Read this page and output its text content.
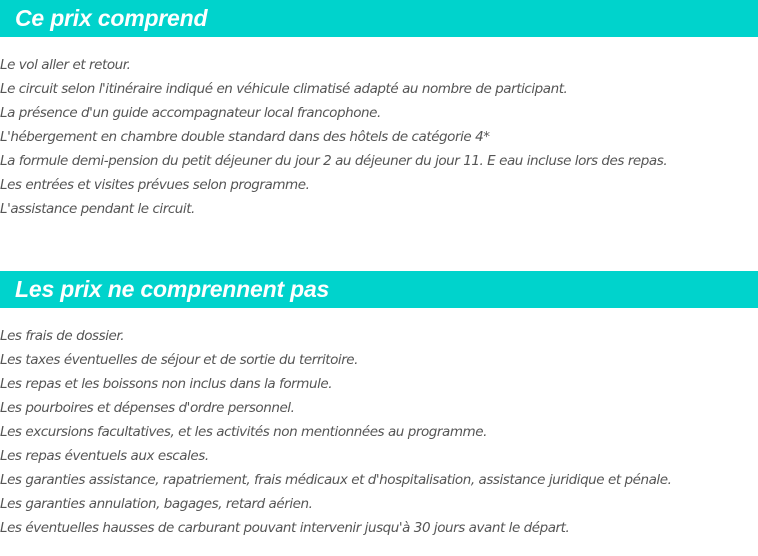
Ce prix comprend
Le vol aller et retour.
Le circuit selon l'itinéraire indiqué en véhicule climatisé adapté au nombre de participant.
La présence d'un guide accompagnateur local francophone.
L'hébergement en chambre double standard dans des hôtels de catégorie 4*
La formule demi-pension du petit déjeuner du jour 2 au déjeuner du jour 11. E eau incluse lors des repas.
Les entrées et visites prévues selon programme.
L'assistance pendant le circuit.
Les prix ne comprennent pas
Les frais de dossier.
Les taxes éventuelles de séjour et de sortie du territoire.
Les repas et les boissons non inclus dans la formule.
Les pourboires et dépenses d'ordre personnel.
Les excursions facultatives, et les activités non mentionnées au programme.
Les repas éventuels aux escales.
Les garanties assistance, rapatriement, frais médicaux et d'hospitalisation, assistance juridique et pénale.
Les garanties annulation, bagages, retard aérien.
Les éventuelles hausses de carburant pouvant intervenir jusqu'à 30 jours avant le départ.
